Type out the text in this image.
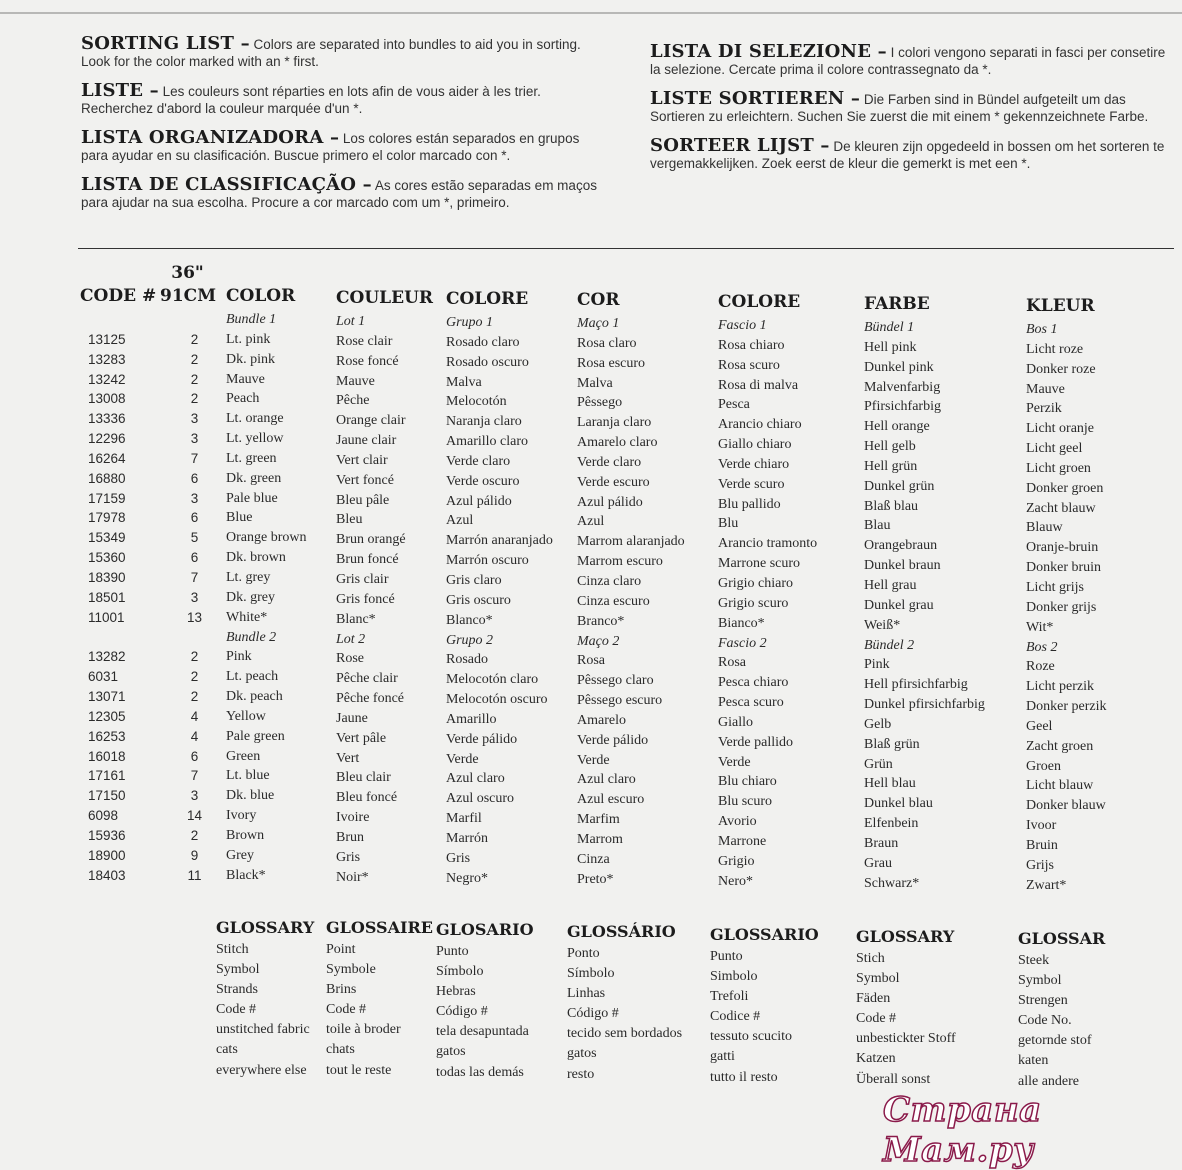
SORTING LIST – Colors are separated into bundles to aid you in sorting. Look for the color marked with an * first.

LISTE – Les couleurs sont réparties en lots afin de vous aider à les trier. Recherchez d'abord la couleur marquée d'un *.

LISTA ORGANIZADORA – Los colores están separados en grupos para ayudar en su clasificación. Buscue primero el color marcado con *.

LISTA DE CLASSIFICAÇÃO – As cores estão separadas em maços para ajudar na sua escolha. Procure a cor marcado com um *, primeiro.

LISTA DI SELEZIONE – I colori vengono separati in fasci per consetire la selezione. Cercate prima il colore contrassegnato da *.

LISTE SORTIEREN – Die Farben sind in Bündel aufgeteilt um das Sortieren zu erleichtern. Suchen Sie zuerst die mit einem * gekennzeichnete Farbe.

SORTEER LIJST – De kleuren zijn opgedeeld in bossen om het sorteren te vergemakkelijken. Zoek eerst de kleur die gemerkt is met een *.

CODE #
13125
13283
13242
13008
13336
12296
16264
16880
17159
17978
15349
15360
18390
18501
11001
13282
6031
13071
12305
16253
16018
17161
17150
6098
15936
18900
18403
36"
91CM
2
2
2
2
3
3
7
6
3
6
5
6
7
3
13
2
2
2
4
4
6
7
3
14
2
9
11
COLOR
Bundle 1
Lt. pink
Dk. pink
Mauve
Peach
Lt. orange
Lt. yellow
Lt. green
Dk. green
Pale blue
Blue
Orange brown
Dk. brown
Lt. grey
Dk. grey
White*
Bundle 2
Pink
Lt. peach
Dk. peach
Yellow
Pale green
Green
Lt. blue
Dk. blue
Ivory
Brown
Grey
Black*
GLOSSARY
Stitch
Symbol
Strands
Code #
unstitched fabric
cats
everywhere else
COULEUR
Lot 1
Rose clair
Rose foncé
Mauve
Pêche
Orange clair
Jaune clair
Vert clair
Vert foncé
Bleu pâle
Bleu
Brun orangé
Brun foncé
Gris clair
Gris foncé
Blanc*
Lot 2
Rose
Pêche clair
Pêche foncé
Jaune
Vert pâle
Vert
Bleu clair
Bleu foncé
Ivoire
Brun
Gris
Noir*
GLOSSAIRE
Point
Symbole
Brins
Code #
toile à broder
chats
tout le reste
COLORE
Grupo 1
Rosado claro
Rosado oscuro
Malva
Melocotón
Naranja claro
Amarillo claro
Verde claro
Verde oscuro
Azul pálido
Azul
Marrón anaranjado
Marrón oscuro
Gris claro
Gris oscuro
Blanco*
Grupo 2
Rosado
Melocotón claro
Melocotón oscuro
Amarillo
Verde pálido
Verde
Azul claro
Azul oscuro
Marfil
Marrón
Gris
Negro*
GLOSARIO
Punto
Símbolo
Hebras
Código #
tela desapuntada
gatos
todas las demás
COR
Maço 1
Rosa claro
Rosa escuro
Malva
Pêssego
Laranja claro
Amarelo claro
Verde claro
Verde escuro
Azul pálido
Azul
Marrom alaranjado
Marrom escuro
Cinza claro
Cinza escuro
Branco*
Maço 2
Rosa
Pêssego claro
Pêssego escuro
Amarelo
Verde pálido
Verde
Azul claro
Azul escuro
Marfim
Marrom
Cinza
Preto*
GLOSSÁRIO
Ponto
Símbolo
Linhas
Código #
tecido sem bordados
gatos
resto
COLORE
Fascio 1
Rosa chiaro
Rosa scuro
Rosa di malva
Pesca
Arancio chiaro
Giallo chiaro
Verde chiaro
Verde scuro
Blu pallido
Blu
Arancio tramonto
Marrone scuro
Grigio chiaro
Grigio scuro
Bianco*
Fascio 2
Rosa
Pesca chiaro
Pesca scuro
Giallo
Verde pallido
Verde
Blu chiaro
Blu scuro
Avorio
Marrone
Grigio
Nero*
GLOSSARIO
Punto
Simbolo
Trefoli
Codice #
tessuto scucito
gatti
tutto il resto
FARBE
Bündel 1
Hell pink
Dunkel pink
Malvenfarbig
Pfirsichfarbig
Hell orange
Hell gelb
Hell grün
Dunkel grün
Blaß blau
Blau
Orangebraun
Dunkel braun
Hell grau
Dunkel grau
Weiß*
Bündel 2
Pink
Hell pfirsichfarbig
Dunkel pfirsichfarbig
Gelb
Blaß grün
Grün
Hell blau
Dunkel blau
Elfenbein
Braun
Grau
Schwarz*
GLOSSARY
Stich
Symbol
Fäden
Code #
unbestickter Stoff
Katzen
Überall sonst
KLEUR
Bos 1
Licht roze
Donker roze
Mauve
Perzik
Licht oranje
Licht geel
Licht groen
Donker groen
Zacht blauw
Blauw
Oranje-bruin
Donker bruin
Licht grijs
Donker grijs
Wit*
Bos 2
Roze
Licht perzik
Donker perzik
Geel
Zacht groen
Groen
Licht blauw
Donker blauw
Ivoor
Bruin
Grijs
Zwart*
GLOSSAR
Steek
Symbol
Strengen
Code No.
getornde stof
katen
alle andere
Страна Мам.ру
